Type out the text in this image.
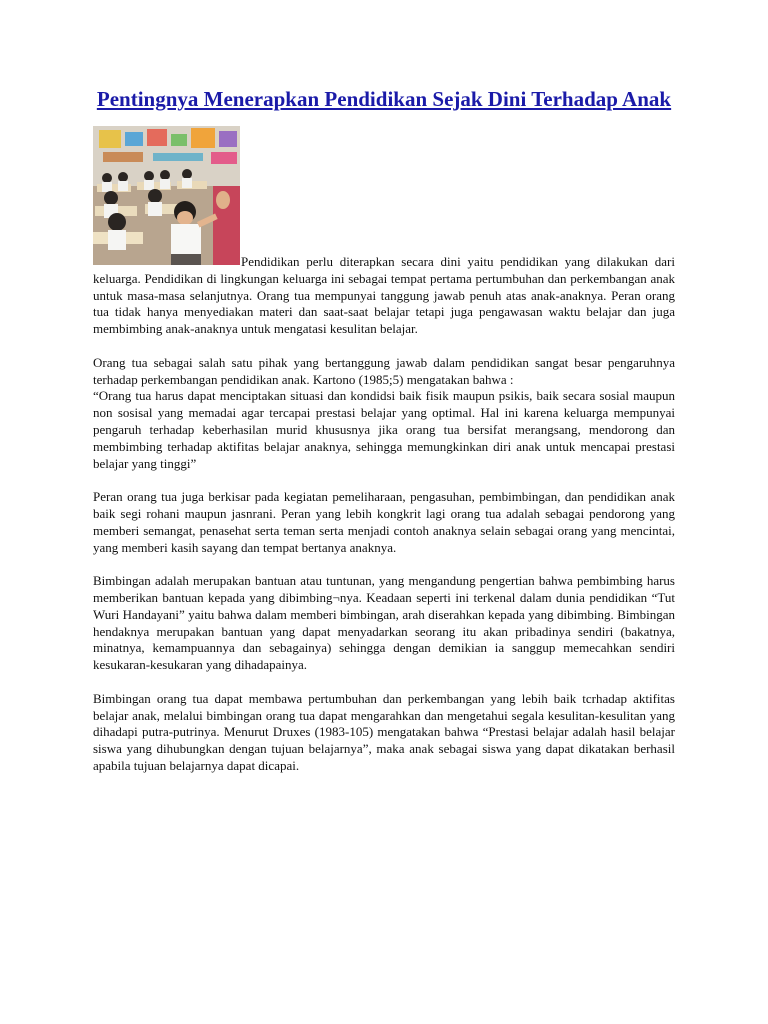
Pentingnya Menerapkan Pendidikan Sejak Dini Terhadap Anak

Pendidikan perlu diterapkan secara dini yaitu pendidikan yang dilakukan dari keluarga. Pendidikan di lingkungan keluarga ini sebagai tempat pertama pertumbuhan dan perkembangan anak untuk masa-masa selanjutnya. Orang tua mempunyai tanggung jawab penuh atas anak-anaknya. Peran orang tua tidak hanya menyediakan materi dan saat-saat belajar tetapi juga pengawasan waktu belajar dan juga membimbing anak-anaknya untuk mengatasi kesulitan belajar.

Orang tua sebagai salah satu pihak yang bertanggung jawab dalam pendidikan sangat besar pengaruhnya terhadap perkembangan pendidikan anak. Kartono (1985;5) mengatakan bahwa :

“Orang tua harus dapat menciptakan situasi dan kondidsi baik fisik maupun psikis, baik secara sosial maupun non sosisal yang memadai agar tercapai prestasi belajar yang optimal. Hal ini karena keluarga mempunyai pengaruh terhadap keberhasilan murid khususnya jika orang tua bersifat merangsang, mendorong dan membimbing terhadap aktifitas belajar anaknya, sehingga memungkinkan diri anak untuk mencapai prestasi belajar yang tinggi”

Peran orang tua juga berkisar pada kegiatan pemeliharaan, pengasuhan, pembimbingan, dan pendidikan anak baik segi rohani maupun jasnrani. Peran yang lebih kongkrit lagi orang tua adalah sebagai pendorong yang memberi semangat, penasehat serta teman serta menjadi contoh anaknya selain sebagai orang yang mencintai, yang memberi kasih sayang dan tempat bertanya anaknya.

Bimbingan adalah merupakan bantuan atau tuntunan, yang mengandung pengertian bahwa pembimbing harus memberikan bantuan kepada yang dibimbing¬nya. Keadaan seperti ini terkenal dalam dunia pendidikan “Tut Wuri Handayani” yaitu bahwa dalam memberi bimbingan, arah diserahkan kepada yang dibimbing. Bimbingan hendaknya merupakan bantuan yang dapat menyadarkan seorang itu akan pribadinya sendiri (bakatnya, minatnya, kemampuannya dan sebagainya) sehingga dengan demikian ia sanggup memecahkan sendiri kesukaran-kesukaran yang dihadapainya.

Bimbingan orang tua dapat membawa pertumbuhan dan perkembangan yang lebih baik tcrhadap aktifitas belajar anak, melalui bimbingan orang tua dapat mengarahkan dan mengetahui segala kesulitan-kesulitan yang dihadapi putra-putrinya. Menurut Druxes (1983-105) mengatakan bahwa “Prestasi belajar adalah hasil belajar siswa yang dihubungkan dengan tujuan belajarnya”, maka anak sebagai siswa yang dapat dikatakan berhasil apabila tujuan belajarnya dapat dicapai.
